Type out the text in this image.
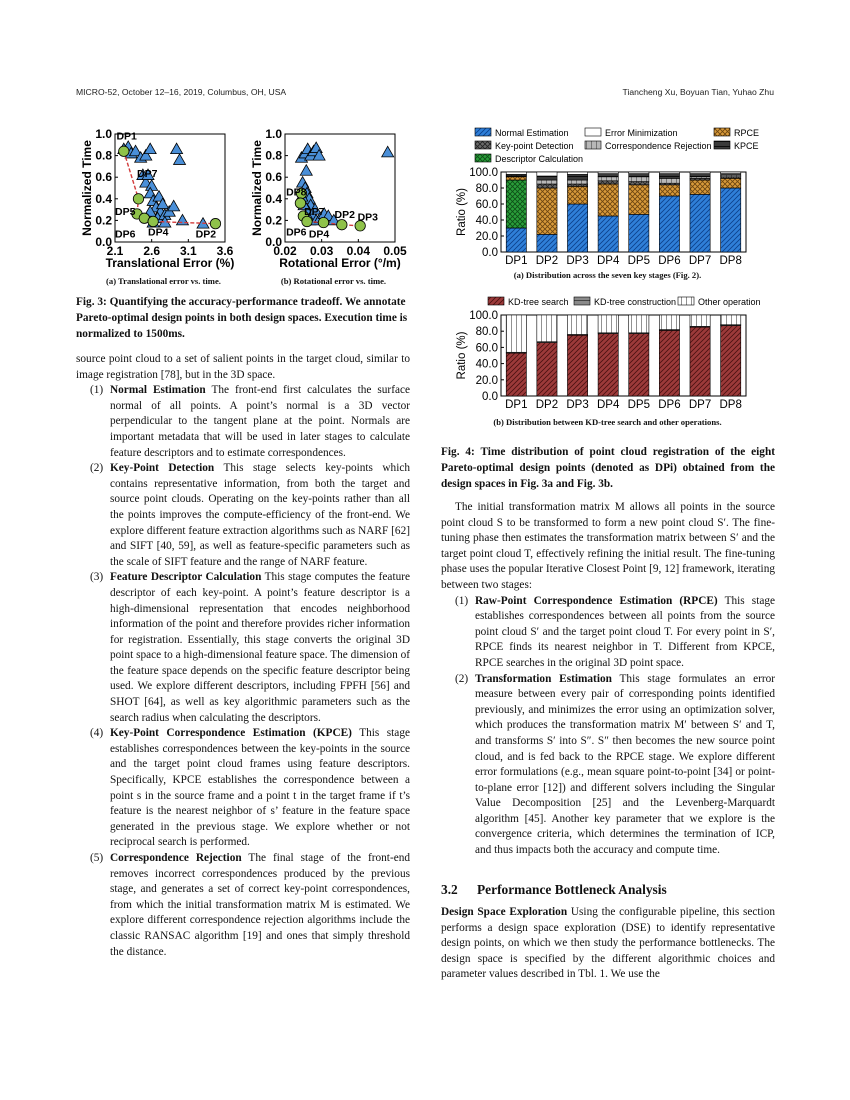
MICRO-52, October 12–16, 2019, Columbus, OH, USA	Tiancheng Xu, Boyuan Tian, Yuhao Zhu
0.0
0.2
0.4
0.6
0.8
1.0
2.1 2.6 3.1 3.6
Translational Error (%)
Normalized Time
DP1
DP7
DP5
DP6 DP4	DP2
(a) Translational error vs. time.
0.0
0.2
0.4
0.6
0.8
1.0
0.02 0.03 0.04 0.05
Rotational Error (°/m)
Normalized Time DP8
DP7
DP6 DP4
DP2 DP3
(b) Rotational error vs. time.
Fig. 3: Quantifying the accuracy-performance tradeoff. We annotate Pareto-optimal design points in both design spaces. Execution time is normalized to 1500ms.
0.0
20.0
40.0
60.0
80.0
100.0
Ratio (%)
DP1 DP2 DP3 DP4 DP5 DP6 DP7 DP8
Normal Estimation	Error Minimization	RPCE
Key-point Detection	Correspondence Rejection KPCE
Descriptor Calculation
(a) Distribution across the seven key stages (Fig. 2).
0.0
20.0
40.0
60.0
80.0
100.0
Ratio (%)
DP1 DP2 DP3 DP4 DP5 DP6 DP7 DP8
KD-tree search	KD-tree construction Other operation
(b) Distribution between KD-tree search and other operations.
Fig. 4: Time distribution of point cloud registration of the eight Pareto-optimal design points (denoted as DPi) obtained from the design spaces in Fig. 3a and Fig. 3b.

source point cloud to a set of salient points in the target cloud, similar to image registration [78], but in the 3D space.

(1) Normal Estimation The front-end first calculates the surface normal of all points. A point’s normal is a 3D vector perpendicular to the tangent plane at the point. Normals are important metadata that will be used in later stages to calculate feature descriptors and to estimate correspondences.
(2) Key-Point Detection This stage selects key-points which contains representative information, from both the target and source point clouds. Operating on the key-points rather than all the points improves the compute-efficiency of the front-end. We explore different feature extraction algorithms such as NARF [62] and SIFT [40, 59], as well as feature-specific parameters such as the scale of SIFT feature and the range of NARF feature.
(3) Feature Descriptor Calculation This stage computes the feature descriptor of each key-point. A point’s feature descriptor is a high-dimensional representation that encodes neighborhood information of the point and therefore provides richer information for registration. Essentially, this stage converts the original 3D point space to a high-dimensional feature space. The dimension of the feature space depends on the specific feature descriptor being used. We explore different descriptors, including FPFH [56] and SHOT [64], as well as key algorithmic parameters such as the search radius when calculating the descriptors.
(4) Key-Point Correspondence Estimation (KPCE) This stage establishes correspondences between the key-points in the source and the target point cloud frames using feature descriptors. Specifically, KPCE establishes the correspondence between a point s in the source frame and a point t in the target frame if t’s feature is the nearest neighbor of s’ feature in the feature space generated in the previous stage. We explore whether or not reciprocal search is performed.
(5) Correspondence Rejection The final stage of the front-end removes incorrect correspondences produced by the previous stage, and generates a set of correct key-point correspondences, from which the initial transformation matrix M is estimated. We explore different correspondence rejection algorithms include the classic RANSAC algorithm [19] and ones that simply threshold the distance.

The initial transformation matrix M allows all points in the source point cloud S to be transformed to form a new point cloud S′. The fine-tuning phase then estimates the transformation matrix between S′ and the target point cloud T, effectively refining the initial result. The fine-tuning phase uses the popular Iterative Closest Point [9, 12] framework, iterating between two stages:

(1) Raw-Point Correspondence Estimation (RPCE) This stage establishes correspondences between all points from the source point cloud S′ and the target point cloud T. For every point in S′, RPCE finds its nearest neighbor in T. Different from KPCE, RPCE searches in the original 3D point space.
(2) Transformation Estimation This stage formulates an error measure between every pair of corresponding points identified previously, and minimizes the error using an optimization solver, which produces the transformation matrix M′ between S′ and T, and transforms S′ into S″. S″ then becomes the new source point cloud, and is fed back to the RPCE stage. We explore different error formulations (e.g., mean square point-to-point [34] or point-to-plane error [12]) and different solvers including the Singular Value Decomposition [25] and the Levenberg-Marquardt algorithm [45]. Another key parameter that we explore is the convergence criteria, which determines the termination of ICP, and thus impacts both the accuracy and compute time.
3.2 Performance Bottleneck Analysis

Design Space Exploration Using the configurable pipeline, this section performs a design space exploration (DSE) to identify representative design points, on which we then study the performance bottlenecks. The design space is specified by the different algorithmic choices and parameter values described in Tbl. 1. We use the
